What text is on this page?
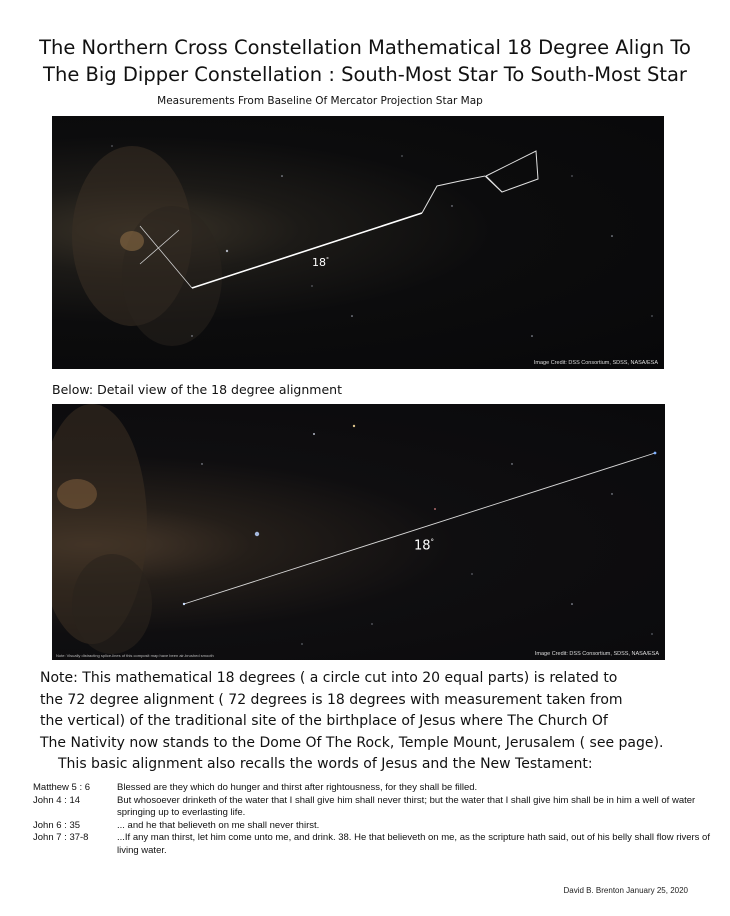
The Northern Cross Constellation Mathematical 18 Degree Align To
The Big Dipper Constellation : South-Most Star To South-Most Star
Measurements From Baseline Of Mercator Projection Star Map
18°
Image Credit: DSS Consortium, SDSS, NASA/ESA
Below: Detail view of the 18 degree alignment
18°
Note: Visually distracting splice-lines of this composit map have been air-brushed smooth	Image Credit: DSS Consortium, SDSS, NASA/ESA
Note: This mathematical 18 degrees ( a circle cut into 20 equal parts) is related to
the 72 degree alignment ( 72 degrees is 18 degrees with measurement taken from
the vertical) of the traditional site of the birthplace of Jesus where The Church Of
The Nativity now stands to the Dome Of The Rock, Temple Mount, Jerusalem ( see page).
This basic alignment also recalls the words of Jesus and the New Testament:
Matthew 5 : 6	Blessed are they which do hunger and thirst after rightousness, for they shall be filled.
John 4 : 14	But whosoever drinketh of the water that I shall give him shall never thirst; but the water that I shall give him shall be in him a well of water springing up to everlasting life.
John 6 : 35	... and he that believeth on me shall never thirst.
John 7 : 37-8	...If any man thirst, let him come unto me, and drink. 38. He that believeth on me, as the scripture hath said, out of his belly shall flow rivers of living water.
David B. Brenton January 25, 2020
